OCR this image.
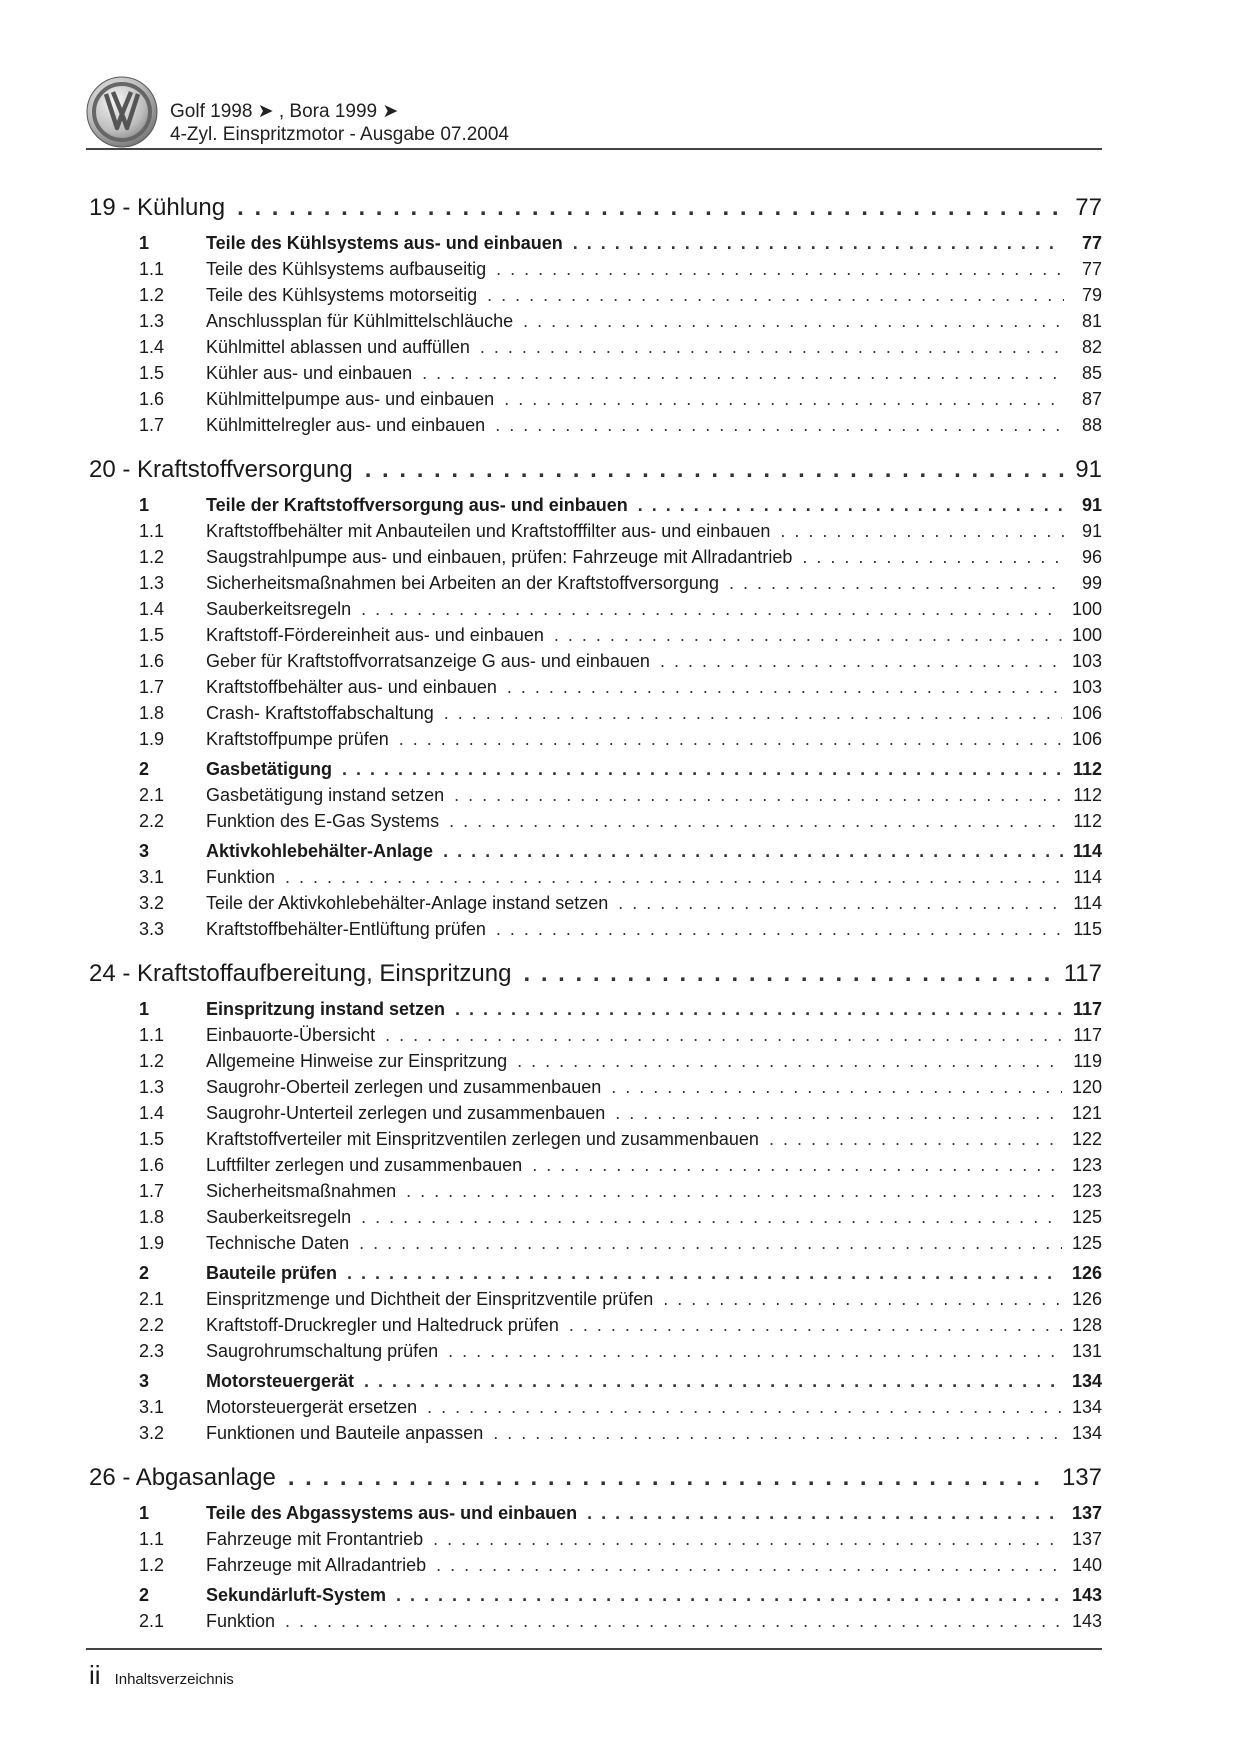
Golf 1998 ➤ , Bora 1999 ➤
4-Zyl. Einspritzmotor - Ausgabe 07.2004
19 - Kühlung . . .	77
1	Teile des Kühlsystems aus- und einbauen . . .	77
1.1	Teile des Kühlsystems aufbauseitig . . .	77
1.2	Teile des Kühlsystems motorseitig . . .	79
1.3	Anschlussplan für Kühlmittelschläuche . . .	81
1.4	Kühlmittel ablassen und auffüllen . . .	82
1.5	Kühler aus- und einbauen . . .	85
1.6	Kühlmittelpumpe aus- und einbauen . . .	87
1.7	Kühlmittelregler aus- und einbauen . . .	88
20 - Kraftstoffversorgung . . .	91
1	Teile der Kraftstoffversorgung aus- und einbauen . . .	91
1.1	Kraftstoffbehälter mit Anbauteilen und Kraftstofffilter aus- und einbauen . . .	91
1.2	Saugstrahlpumpe aus- und einbauen, prüfen: Fahrzeuge mit Allradantrieb . . .	96
1.3	Sicherheitsmaßnahmen bei Arbeiten an der Kraftstoffversorgung . . .	99
1.4	Sauberkeitsregeln . . .	100
1.5	Kraftstoff-Fördereinheit aus- und einbauen . . .	100
1.6	Geber für Kraftstoffvorratsanzeige G aus- und einbauen . . .	103
1.7	Kraftstoffbehälter aus- und einbauen . . .	103
1.8	Crash- Kraftstoffabschaltung . . .	106
1.9	Kraftstoffpumpe prüfen . . .	106
2	Gasbetätigung . . .	112
2.1	Gasbetätigung instand setzen . . .	112
2.2	Funktion des E-Gas Systems . . .	112
3	Aktivkohlebehälter-Anlage . . .	114
3.1	Funktion . . .	114
3.2	Teile der Aktivkohlebehälter-Anlage instand setzen . . .	114
3.3	Kraftstoffbehälter-Entlüftung prüfen . . .	115
24 - Kraftstoffaufbereitung, Einspritzung . . .	117
1	Einspritzung instand setzen . . .	117
1.1	Einbauorte-Übersicht . . .	117
1.2	Allgemeine Hinweise zur Einspritzung . . .	119
1.3	Saugrohr-Oberteil zerlegen und zusammenbauen . . .	120
1.4	Saugrohr-Unterteil zerlegen und zusammenbauen . . .	121
1.5	Kraftstoffverteiler mit Einspritzventilen zerlegen und zusammenbauen . . .	122
1.6	Luftfilter zerlegen und zusammenbauen . . .	123
1.7	Sicherheitsmaßnahmen . . .	123
1.8	Sauberkeitsregeln . . .	125
1.9	Technische Daten . . .	125
2	Bauteile prüfen . . .	126
2.1	Einspritzmenge und Dichtheit der Einspritzventile prüfen . . .	126
2.2	Kraftstoff-Druckregler und Haltedruck prüfen . . .	128
2.3	Saugrohrumschaltung prüfen . . .	131
3	Motorsteuergerät . . .	134
3.1	Motorsteuergerät ersetzen . . .	134
3.2	Funktionen und Bauteile anpassen . . .	134
26 - Abgasanlage . . .	137
1	Teile des Abgassystems aus- und einbauen . . .	137
1.1	Fahrzeuge mit Frontantrieb . . .	137
1.2	Fahrzeuge mit Allradantrieb . . .	140
2	Sekundärluft-System . . .	143
2.1	Funktion . . .	143
ii Inhaltsverzeichnis
